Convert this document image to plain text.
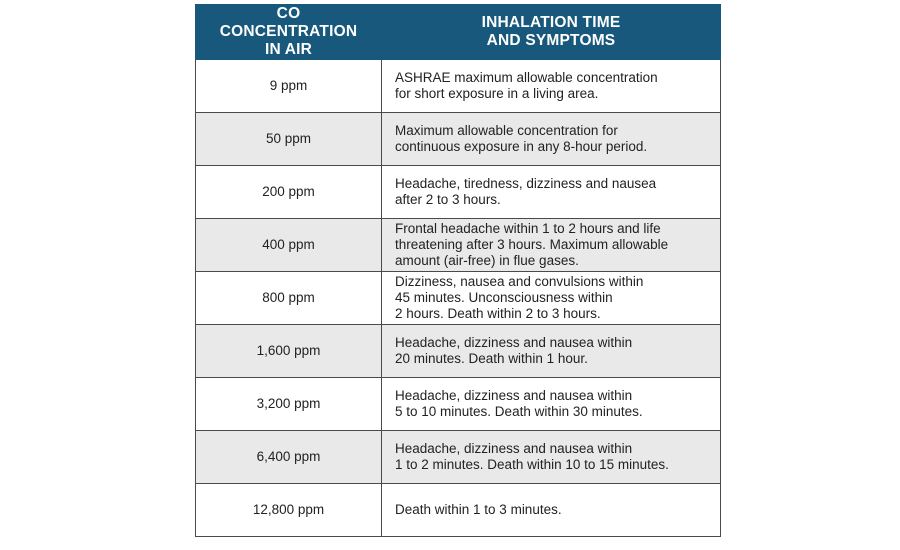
CO
CONCENTRATION
IN AIR	INHALATION TIME
AND SYMPTOMS

9 ppm	ASHRAE maximum allowable concentration
for short exposure in a living area.

50 ppm	Maximum allowable concentration for
continuous exposure in any 8-hour period.

200 ppm	Headache, tiredness, dizziness and nausea
after 2 to 3 hours.

400 ppm	Frontal headache within 1 to 2 hours and life
threatening after 3 hours. Maximum allowable
amount (air-free) in flue gases.

800 ppm	Dizziness, nausea and convulsions within
45 minutes. Unconsciousness within
2 hours. Death within 2 to 3 hours.

1,600 ppm	Headache, dizziness and nausea within
20 minutes. Death within 1 hour.

3,200 ppm	Headache, dizziness and nausea within
5 to 10 minutes. Death within 30 minutes.

6,400 ppm	Headache, dizziness and nausea within
1 to 2 minutes. Death within 10 to 15 minutes.

12,800 ppm	Death within 1 to 3 minutes.
